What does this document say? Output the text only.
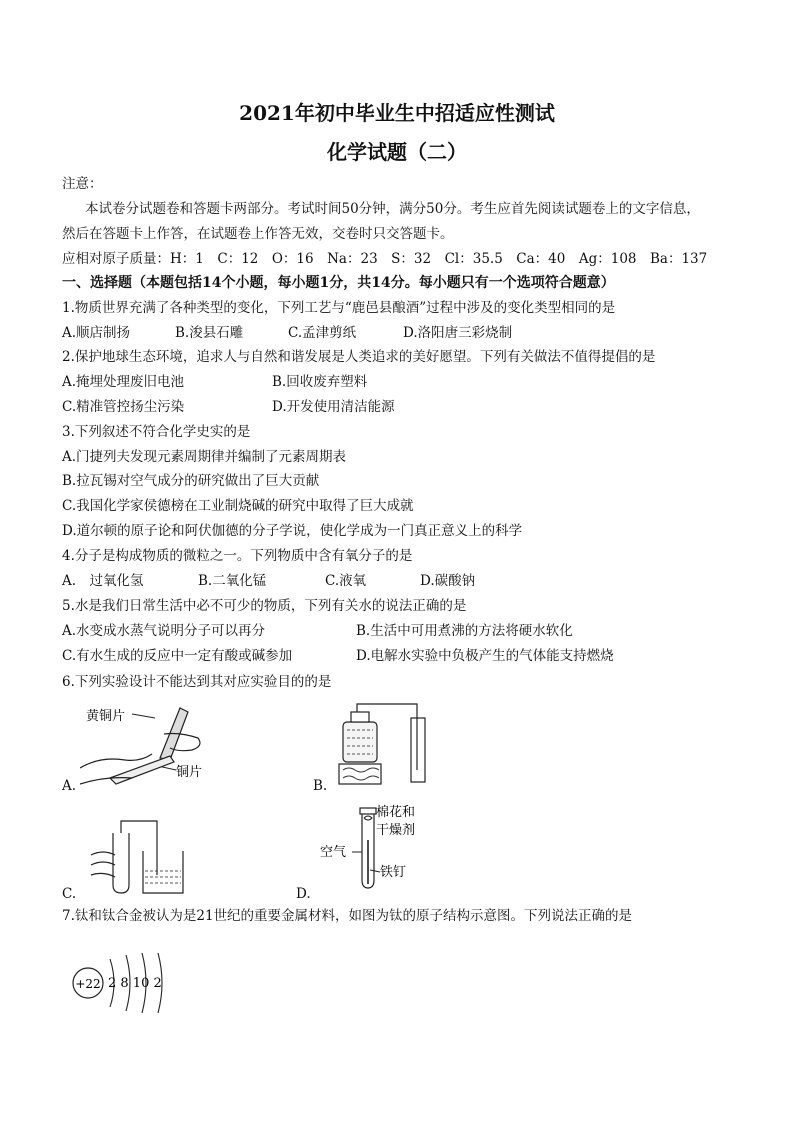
2021年初中毕业生中招适应性测试
化学试题（二）
注意：
本试卷分试题卷和答题卡两部分。考试时间50分钟，满分50分。考生应首先阅读试题卷上的文字信息，
然后在答题卡上作答，在试题卷上作答无效，交卷时只交答题卡。
应相对原子质量：H：1　C：12　O：16　Na：23　S：32　Cl：35.5　Ca：40　Ag：108　Ba：137
一、选择题（本题包括14个小题，每小题1分，共14分。每小题只有一个选项符合题意）
1.物质世界充满了各种类型的变化，下列工艺与“鹿邑县酿酒”过程中涉及的变化类型相同的是
A.顺店制扬	B.浚县石雕	C.孟津剪纸	D.洛阳唐三彩烧制
2.保护地球生态环境，追求人与自然和谐发展是人类追求的美好愿望。下列有关做法不值得提倡的是
A.掩埋处理废旧电池	B.回收废弃塑料
C.精准管控扬尘污染	D.开发使用清洁能源
3.下列叙述不符合化学史实的是
A.门捷列夫发现元素周期律并编制了元素周期表
B.拉瓦锡对空气成分的研究做出了巨大贡献
C.我国化学家侯德榜在工业制烧碱的研究中取得了巨大成就
D.道尔顿的原子论和阿伏伽德的分子学说，使化学成为一门真正意义上的科学
4.分子是构成物质的微粒之一。下列物质中含有氧分子的是
A.　过氧化氢	B.二氧化锰	C.液氧	D.碳酸钠
5.水是我们日常生活中必不可少的物质，下列有关水的说法正确的是
A.水变成水蒸气说明分子可以再分	B.生活中可用煮沸的方法将硬水软化
C.有水生成的反应中一定有酸或碱参加	D.电解水实验中负极产生的气体能支持燃烧
6.下列实验设计不能达到其对应实验目的的是
黄铜片
铜片
A.	B.
C.
棉花和
干燥剂
空气
铁钉
D.
7.钛和钛合金被认为是21世纪的重要金属材料，如图为钛的原子结构示意图。下列说法正确的是
+22 2 8 10 2
